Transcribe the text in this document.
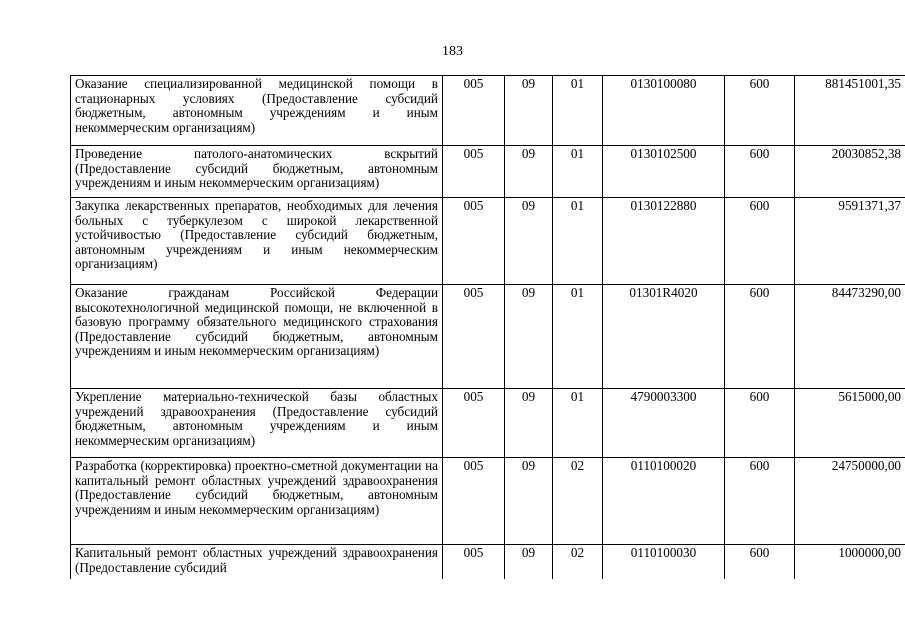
183
Оказание специализированной медицинской помощи в стационарных условиях (Предоставление субсидий бюджетным, автономным учреждениям и иным некоммерческим организациям)	005	09	01	0130100080	600	881451001,35
Проведение патолого-анатомических вскрытий (Предоставление субсидий бюджетным, автономным учреждениям и иным некоммерческим организациям)	005	09	01	0130102500	600	20030852,38
Закупка лекарственных препаратов, необходимых для лечения больных с туберкулезом с широкой лекарственной устойчивостью (Предоставление субсидий бюджетным, автономным учреждениям и иным некоммерческим организациям)	005	09	01	0130122880	600	9591371,37
Оказание гражданам Российской Федерации высокотехнологичной медицинской помощи, не включенной в базовую программу обязательного медицинского страхования (Предоставление субсидий бюджетным, автономным учреждениям и иным некоммерческим организациям)	005	09	01	01301R4020	600	84473290,00
Укрепление материально-технической базы областных учреждений здравоохранения (Предоставление субсидий бюджетным, автономным учреждениям и иным некоммерческим организациям)	005	09	01	4790003300	600	5615000,00
Разработка (корректировка) проектно-сметной документации на капитальный ремонт областных учреждений здравоохранения (Предоставление субсидий бюджетным, автономным учреждениям и иным некоммерческим организациям)	005	09	02	0110100020	600	24750000,00
Капитальный ремонт областных учреждений здравоохранения (Предоставление субсидий	005	09	02	0110100030	600	1000000,00
